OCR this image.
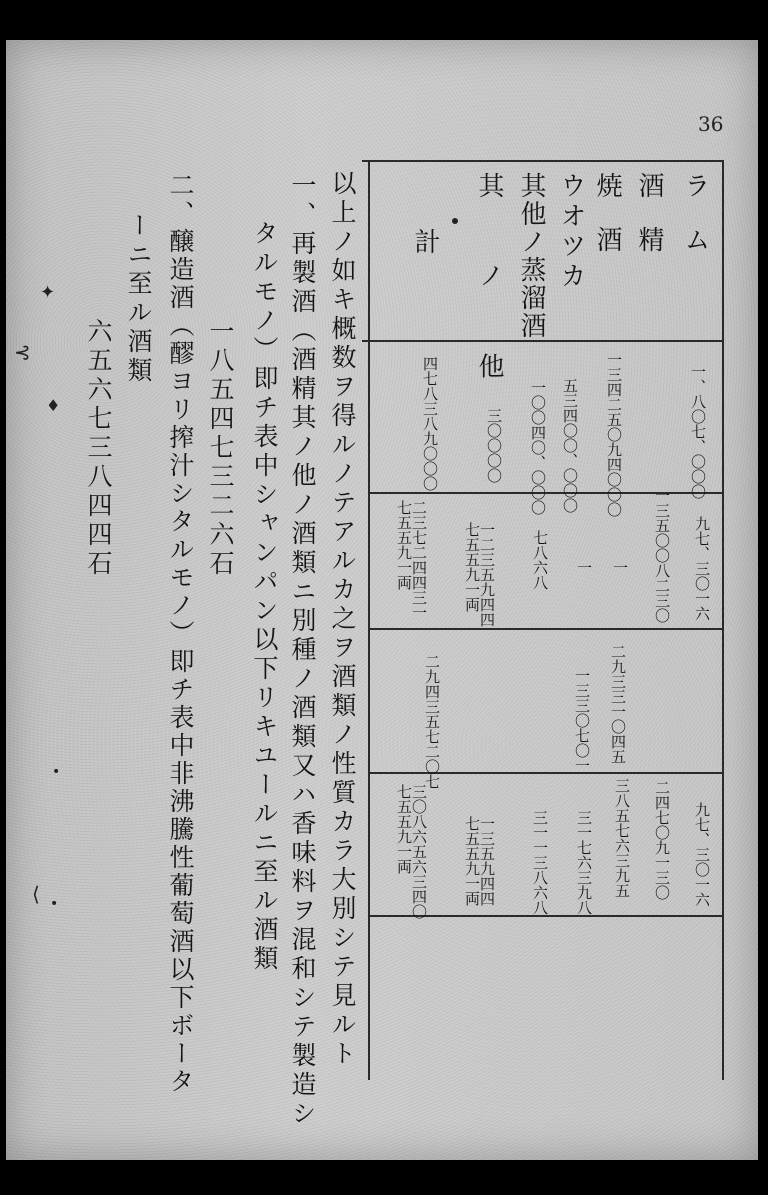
36
ラ ム
酒 精
焼 酒
ウオツカ
其他ノ蒸溜酒
其 ノ 他
計
一、八〇七、〇〇〇
一三四二五〇九四〇〇〇
五三四〇〇、〇〇〇
一〇〇四〇、〇〇〇
三〇〇〇〇
四七八三八九〇〇〇
九七、三〇一六
一三五〇〇八二三〇
一
一
七八六八
一二三五九四四
七五五九一両
二三七二四四三一
七五五九一両
二九三三一〇四五
一三三〇七〇一
二九四三五七二〇七
九七、三〇一六
二四七〇九一三〇
三八五七六三九五
三一七六三九八
三一一三八六八
一三五九四四
七五五九一両
三〇八六五六三四〇
七五五九一両
以上ノ如キ概数ヲ得ルノテアルカ之ヲ酒類ノ性質カラ大別シテ見ルト
一、再製酒（酒精其ノ他ノ酒類ニ別種ノ酒類又ハ香味料ヲ混和シテ製造シ
タルモノ）即チ表中シャンパン以下リキユールニ至ル酒類
一八五四七三二六石
二、醸造酒（醪ヨリ搾汁シタルモノ）即チ表中非沸騰性葡萄酒以下ボータ
ーニ至ル酒類
六五六七三八四四石
✦
⊰
♦
•
⟨ •
